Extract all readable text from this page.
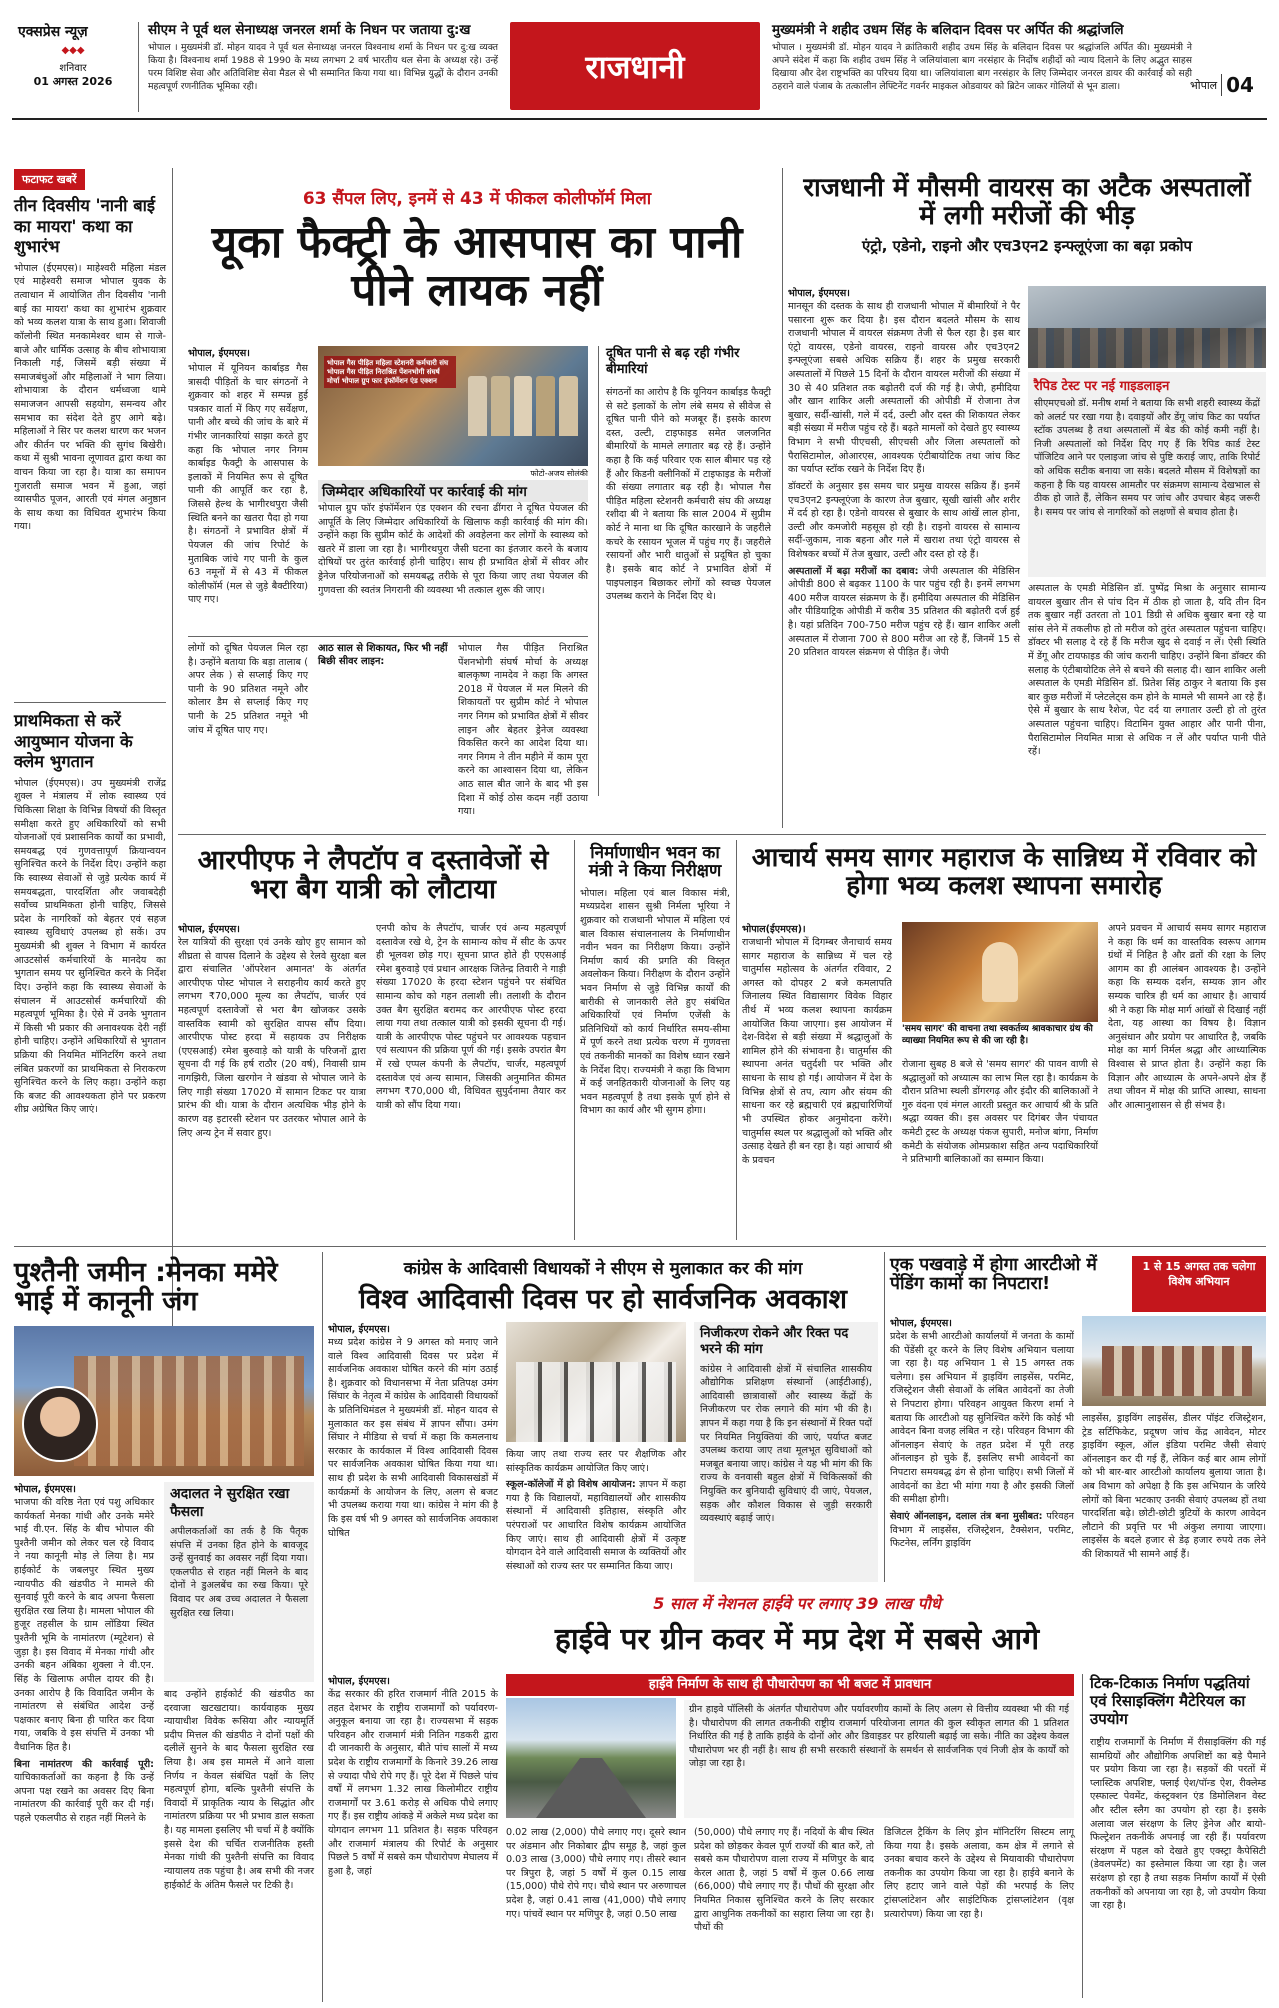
एक्सप्रेस न्यूज़
◆◆◆
शनिवार
01 अगस्त 2026
सीएम ने पूर्व थल सेनाध्यक्ष जनरल शर्मा के निधन पर जताया दु:ख
भोपाल । मुख्यमंत्री डॉ. मोहन यादव ने पूर्व थल सेनाध्यक्ष जनरल विश्वनाथ शर्मा के निधन पर दु:ख व्यक्त किया है। विश्वनाथ शर्मा 1988 से 1990 के मध्य लगभग 2 वर्ष भारतीय थल सेना के अध्यक्ष रहे। उन्हें परम विशिष्ट सेवा और अतिविशिष्ट सेवा मैडल से भी सम्मानित किया गया था। विभिन्न युद्धों के दौरान उनकी महत्वपूर्ण रणनीतिक भूमिका रही।
राजधानी
मुख्यमंत्री ने शहीद उधम सिंह के बलिदान दिवस पर अर्पित की श्रद्धांजलि
भोपाल । मुख्यमंत्री डॉ. मोहन यादव ने क्रांतिकारी शहीद उधम सिंह के बलिदान दिवस पर श्रद्धांजलि अर्पित की। मुख्यमंत्री ने अपने संदेश में कहा कि शहीद उधम सिंह ने जलियांवाला बाग नरसंहार के निर्दोष शहीदों को न्याय दिलाने के लिए अद्भुत साहस दिखाया और देश राष्ट्रभक्ति का परिचय दिया था। जलियांवाला बाग नरसंहार के लिए जिम्मेदार जनरल डायर की कार्रवाई को सही ठहराने वाले पंजाब के तत्कालीन लेफ्टिनेंट गवर्नर माइकल ओडवायर को ब्रिटेन जाकर गोलियों से भून डाला।	भोपाल 04
फटाफट खबरें
तीन दिवसीय 'नानी बाई का मायरा' कथा का शुभारंभ
भोपाल (ईएमएस)। माहेश्वरी महिला मंडल एवं माहेश्वरी समाज भोपाल युवक के तत्वाधान में आयोजित तीन दिवसीय 'नानी बाई का मायरा' कथा का शुभारंभ शुक्रवार को भव्य कलश यात्रा के साथ हुआ। शिवाजी कॉलोनी स्थित मनकामेश्वर धाम से गाजे-बाजे और धार्मिक उत्साह के बीच शोभायात्रा निकाली गई, जिसमें बड़ी संख्या में समाजबंधुओं और महिलाओं ने भाग लिया। शोभायात्रा के दौरान धर्मध्वजा थामे समाजजन आपसी सहयोग, समन्वय और समभाव का संदेश देते हुए आगे बढ़े। महिलाओं ने सिर पर कलश धारण कर भजन और कीर्तन पर भक्ति की सुगंध बिखेरी। कथा में सुश्री भावना लूणावत द्वारा कथा का वाचन किया जा रहा है। यात्रा का समापन गुजराती समाज भवन में हुआ, जहां व्यासपीठ पूजन, आरती एवं मंगल अनुष्ठान के साथ कथा का विधिवत शुभारंभ किया गया।
प्राथमिकता से करें आयुष्मान योजना के क्लेम भुगतान
भोपाल (ईएमएस)। उप मुख्यमंत्री राजेंद्र शुक्ल ने मंत्रालय में लोक स्वास्थ्य एवं चिकित्सा शिक्षा के विभिन्न विषयों की विस्तृत समीक्षा करते हुए अधिकारियों को सभी योजनाओं एवं प्रशासनिक कार्यों का प्रभावी, समयबद्ध एवं गुणवत्तापूर्ण क्रियान्वयन सुनिश्चित करने के निर्देश दिए। उन्होंने कहा कि स्वास्थ्य सेवाओं से जुड़े प्रत्येक कार्य में समयबद्धता, पारदर्शिता और जवाबदेही सर्वोच्च प्राथमिकता होनी चाहिए, जिससे प्रदेश के नागरिकों को बेहतर एवं सहज स्वास्थ्य सुविधाएं उपलब्ध हो सकें। उप मुख्यमंत्री श्री शुक्ल ने विभाग में कार्यरत आउटसोर्स कर्मचारियों के मानदेय का भुगतान समय पर सुनिश्चित करने के निर्देश दिए। उन्होंने कहा कि स्वास्थ्य सेवाओं के संचालन में आउटसोर्स कर्मचारियों की महत्वपूर्ण भूमिका है। ऐसे में उनके भुगतान में किसी भी प्रकार की अनावश्यक देरी नहीं होनी चाहिए। उन्होंने अधिकारियों से भुगतान प्रक्रिया की नियमित मॉनिटरिंग करने तथा लंबित प्रकरणों का प्राथमिकता से निराकरण सुनिश्चित करने के लिए कहा। उन्होंने कहा कि बजट की आवश्यकता होने पर प्रकरण शीघ्र अग्रेषित किए जाएं।
63 सैंपल लिए, इनमें से 43 में फीकल कोलीफॉर्म मिला
यूका फैक्ट्री के आसपास का पानी पीने लायक नहीं
भोपाल, ईएमएस।
भोपाल में यूनियन कार्बाइड गैस त्रासदी पीड़ितों के चार संगठनों ने शुक्रवार को शहर में सम्पन्न हुई पत्रकार वार्ता में किए गए सर्वेक्षण, पानी और बच्चे की जांच के बारे में गंभीर जानकारियां साझा करते हुए कहा कि भोपाल नगर निगम कार्बाइड फैक्ट्री के आसपास के इलाकों में नियमित रूप से दूषित पानी की आपूर्ति कर रहा है, जिससे हेल्थ के भागीरथपुरा जैसी स्थिति बनने का खतरा पैदा हो गया है। संगठनों ने प्रभावित क्षेत्रों में पेयजल की जांच रिपोर्ट के मुताबिक जांचे गए पानी के कुल 63 नमूनों में से 43 में फीकल कोलीफॉर्म (मल से जुड़े बैक्टीरिया) पाए गए।
भोपाल गैस पीड़ित महिला स्टेशनरी कर्मचारी संघ भोपाल गैस पीड़ित निराश्रित पेंशनभोगी संघर्ष मोर्चा भोपाल ग्रुप फार इंफॉर्मेशन एंड एक्शन
फोटो-अजय सोलंकी
जिम्मेदार अधिकारियों पर कार्रवाई की मांग
भोपाल ग्रुप फॉर इंफॉर्मेशन एंड एक्शन की रचना ढींगरा ने दूषित पेयजल की आपूर्ति के लिए जिम्मेदार अधिकारियों के खिलाफ कड़ी कार्रवाई की मांग की। उन्होंने कहा कि सुप्रीम कोर्ट के आदेशों की अवहेलना कर लोगों के स्वास्थ्य को खतरे में डाला जा रहा है। भागीरथपुरा जैसी घटना का इंतजार करने के बजाय दोषियों पर तुरंत कार्रवाई होनी चाहिए। साथ ही प्रभावित क्षेत्रों में सीवर और ड्रेनेज परियोजनाओं को समयबद्ध तरीके से पूरा किया जाए तथा पेयजल की गुणवत्ता की स्वतंत्र निगरानी की व्यवस्था भी तत्काल शुरू की जाए।
लोगों को दूषित पेयजल मिल रहा है। उन्होंने बताया कि बड़ा तालाब ( अपर लेक ) से सप्लाई किए गए पानी के 90 प्रतिशत नमूने और कोलार डैम से सप्लाई किए गए पानी के 25 प्रतिशत नमूने भी जांच में दूषित पाए गए।
आठ साल से शिकायत, फिर भी नहीं बिछी सीवर लाइन:
भोपाल गैस पीड़ित निराश्रित पेंशनभोगी संघर्ष मोर्चा के अध्यक्ष बालकृष्ण नामदेव ने कहा कि अगस्त 2018 में पेयजल में मल मिलने की शिकायतों पर सुप्रीम कोर्ट ने भोपाल नगर निगम को प्रभावित क्षेत्रों में सीवर लाइन और बेहतर ड्रेनेज व्यवस्था विकसित करने का आदेश दिया था। नगर निगम ने तीन महीने में काम पूरा करने का आश्वासन दिया था, लेकिन आठ साल बीत जाने के बाद भी इस दिशा में कोई ठोस कदम नहीं उठाया गया।
दूषित पानी से बढ़ रही गंभीर बीमारियां
संगठनों का आरोप है कि यूनियन कार्बाइड फैक्ट्री से सटे इलाकों के लोग लंबे समय से सीवेज से दूषित पानी पीने को मजबूर हैं। इसके कारण दस्त, उल्टी, टाइफाइड समेत जलजनित बीमारियों के मामले लगातार बढ़ रहे हैं। उन्होंने कहा है कि कई परिवार एक साल बीमार पड़ रहे हैं और किडनी क्लीनिकों में टाइफाइड के मरीजों की संख्या लगातार बढ़ रही है। भोपाल गैस पीड़ित महिला स्टेशनरी कर्मचारी संघ की अध्यक्ष रशीदा बी ने बताया कि साल 2004 में सुप्रीम कोर्ट ने माना था कि दूषित कारखाने के जहरीले कचरे के रसायन भूजल में पहुंच गए हैं। जहरीले रसायनों और भारी धातुओं से प्रदूषित हो चुका है। इसके बाद कोर्ट ने प्रभावित क्षेत्रों में पाइपलाइन बिछाकर लोगों को स्वच्छ पेयजल उपलब्ध कराने के निर्देश दिए थे।
राजधानी में मौसमी वायरस का अटैक अस्पतालों में लगी मरीजों की भीड़
एंट्रो, एडेनो, राइनो और एच3एन2 इन्फ्लूएंजा का बढ़ा प्रकोप
भोपाल, ईएमएस।

मानसून की दस्तक के साथ ही राजधानी भोपाल में बीमारियों ने पैर पसारना शुरू कर दिया है। इस दौरान बदलते मौसम के साथ राजधानी भोपाल में वायरल संक्रमण तेजी से फैल रहा है। इस बार एंट्रो वायरस, एडेनो वायरस, राइनो वायरस और एच3एन2 इन्फ्लूएंजा सबसे अधिक सक्रिय हैं। शहर के प्रमुख सरकारी अस्पतालों में पिछले 15 दिनों के दौरान वायरल मरीजों की संख्या में 30 से 40 प्रतिशत तक बढ़ोतरी दर्ज की गई है। जेपी, हमीदिया और खान शाकिर अली अस्पतालों की ओपीडी में रोजाना तेज बुखार, सर्दी-खांसी, गले में दर्द, उल्टी और दस्त की शिकायत लेकर बड़ी संख्या में मरीज पहुंच रहे हैं। बढ़ते मामलों को देखते हुए स्वास्थ्य विभाग ने सभी पीएचसी, सीएचसी और जिला अस्पतालों को पैरासिटामोल, ओआरएस, आवश्यक एंटीबायोटिक तथा जांच किट का पर्याप्त स्टॉक रखने के निर्देश दिए हैं।

डॉक्टरों के अनुसार इस समय चार प्रमुख वायरस सक्रिय हैं। इनमें एच3एन2 इन्फ्लूएंजा के कारण तेज बुखार, सूखी खांसी और शरीर में दर्द हो रहा है। एडेनो वायरस से बुखार के साथ आंखें लाल होना, उल्टी और कमजोरी महसूस हो रही है। राइनो वायरस से सामान्य सर्दी-जुकाम, नाक बहना और गले में खराश तथा एंट्रो वायरस से विशेषकर बच्चों में तेज बुखार, उल्टी और दस्त हो रहे हैं।

अस्पतालों में बढ़ा मरीजों का दबाव: जेपी अस्पताल की मेडिसिन ओपीडी 800 से बढ़कर 1100 के पार पहुंच रही है। इनमें लगभग 400 मरीज वायरल संक्रमण के हैं। हमीदिया अस्पताल की मेडिसिन और पीडियाट्रिक ओपीडी में करीब 35 प्रतिशत की बढ़ोतरी दर्ज हुई है। यहां प्रतिदिन 700-750 मरीज पहुंच रहे हैं। खान शाकिर अली अस्पताल में रोजाना 700 से 800 मरीज आ रहे हैं, जिनमें 15 से 20 प्रतिशत वायरल संक्रमण से पीड़ित हैं। जेपी

रैपिड टेस्ट पर नई गाइडलाइन
सीएमएचओ डॉ. मनीष शर्मा ने बताया कि सभी शहरी स्वास्थ्य केंद्रों को अलर्ट पर रखा गया है। दवाइयों और डेंगू जांच किट का पर्याप्त स्टॉक उपलब्ध है तथा अस्पतालों में बेड की कोई कमी नहीं है। निजी अस्पतालों को निर्देश दिए गए हैं कि रैपिड कार्ड टेस्ट पॉजिटिव आने पर एलाइजा जांच से पुष्टि कराई जाए, ताकि रिपोर्ट को अधिक सटीक बनाया जा सके। बदलते मौसम में विशेषज्ञों का कहना है कि यह वायरस आमतौर पर संक्रमण सामान्य देखभाल से ठीक हो जाते हैं, लेकिन समय पर जांच और उपचार बेहद जरूरी है। समय पर जांच से नागरिकों को लक्षणों से बचाव होता है।
अस्पताल के एमडी मेडिसिन डॉ. पुष्पेंद्र मिश्रा के अनुसार सामान्य वायरल बुखार तीन से पांच दिन में ठीक हो जाता है, यदि तीन दिन तक बुखार नहीं उतरता तो 101 डिग्री से अधिक बुखार बना रहे या सांस लेने में तकलीफ हो तो मरीज को तुरंत अस्पताल पहुंचना चाहिए। डॉक्टर भी सलाह दे रहे हैं कि मरीज खुद से दवाई न लें। ऐसी स्थिति में डेंगू और टायफाइड की जांच करानी चाहिए। उन्होंने बिना डॉक्टर की सलाह के एंटीबायोटिक लेने से बचने की सलाह दी। खान शाकिर अली अस्पताल के एमडी मेडिसिन डॉ. प्रितेश सिंह ठाकुर ने बताया कि इस बार कुछ मरीजों में प्लेटलेट्स कम होने के मामले भी सामने आ रहे हैं। ऐसे में बुखार के साथ रैशेज, पेट दर्द या लगातार उल्टी हो तो तुरंत अस्पताल पहुंचना चाहिए। विटामिन युक्त आहार और पानी पीना, पैरासिटामोल नियमित मात्रा से अधिक न लें और पर्याप्त पानी पीते रहें।
आरपीएफ ने लैपटॉप व दस्तावेजों से भरा बैग यात्री को लौटाया
भोपाल, ईएमएस।
रेल यात्रियों की सुरक्षा एवं उनके खोए हुए सामान को शीघ्रता से वापस दिलाने के उद्देश्य से रेलवे सुरक्षा बल द्वारा संचालित 'ऑपरेशन अमानत' के अंतर्गत आरपीएफ पोस्ट भोपाल ने सराहनीय कार्य करते हुए लगभग ₹70,000 मूल्य का लैपटॉप, चार्जर एवं महत्वपूर्ण दस्तावेजों से भरा बैग खोजकर उसके वास्तविक स्वामी को सुरक्षित वापस सौंप दिया। आरपीएफ पोस्ट हरदा में सहायक उप निरीक्षक (एएसआई) रमेश बुरुवाड़े को यात्री के परिजनों द्वारा सूचना दी गई कि हर्ष राठौर (20 वर्ष), निवासी ग्राम नागझिरी, जिला खरगोन ने खंडवा से भोपाल जाने के लिए गाड़ी संख्या 17020 में सामान टिकट पर यात्रा प्रारंभ की थी। यात्रा के दौरान अत्यधिक भीड़ होने के कारण वह इटारसी स्टेशन पर उतरकर भोपाल आने के लिए अन्य ट्रेन में सवार हुए।
एनपी कोच के लैपटॉप, चार्जर एवं अन्य महत्वपूर्ण दस्तावेज रखे थे, ट्रेन के सामान्य कोच में सीट के ऊपर ही भूलवश छोड़ गए। सूचना प्राप्त होते ही एएसआई रमेश बुरुवाड़े एवं प्रधान आरक्षक जितेन्द्र तिवारी ने गाड़ी संख्या 17020 के हरदा स्टेशन पहुंचने पर संबंधित सामान्य कोच को गहन तलाशी ली। तलाशी के दौरान उक्त बैग सुरक्षित बरामद कर आरपीएफ पोस्ट हरदा लाया गया तथा तत्काल यात्री को इसकी सूचना दी गई। यात्री के आरपीएफ पोस्ट पहुंचने पर आवश्यक पहचान एवं सत्यापन की प्रक्रिया पूर्ण की गई। इसके उपरांत बैग में रखे एप्पल कंपनी के लैपटॉप, चार्जर, महत्वपूर्ण दस्तावेज एवं अन्य सामान, जिसकी अनुमानित कीमत लगभग ₹70,000 थी, विधिवत सुपुर्दनामा तैयार कर यात्री को सौंप दिया गया।
निर्माणाधीन भवन का मंत्री ने किया निरीक्षण
भोपाल। महिला एवं बाल विकास मंत्री, मध्यप्रदेश शासन सुश्री निर्मला भूरिया ने शुक्रवार को राजधानी भोपाल में महिला एवं बाल विकास संचालनालय के निर्माणाधीन नवीन भवन का निरीक्षण किया। उन्होंने निर्माण कार्य की प्रगति की विस्तृत अवलोकन किया। निरीक्षण के दौरान उन्होंने भवन निर्माण से जुड़े विभिन्न कार्यों की बारीकी से जानकारी लेते हुए संबंधित अधिकारियों एवं निर्माण एजेंसी के प्रतिनिधियों को कार्य निर्धारित समय-सीमा में पूर्ण करने तथा प्रत्येक चरण में गुणवत्ता एवं तकनीकी मानकों का विशेष ध्यान रखने के निर्देश दिए। राज्यमंत्री ने कहा कि विभाग में कई जनहितकारी योजनाओं के लिए यह भवन महत्वपूर्ण है तथा इसके पूर्ण होने से विभाग का कार्य और भी सुगम होगा।
आचार्य समय सागर महाराज के सान्निध्य में रविवार को होगा भव्य कलश स्थापना समारोह
भोपाल(ईएमएस)।
राजधानी भोपाल में दिगम्बर जैनाचार्य समय सागर महाराज के सान्निध्य में चल रहे चातुर्मास महोत्सव के अंतर्गत रविवार, 2 अगस्त को दोपहर 2 बजे कमलापति जिनालय स्थित विद्यासागर विवेक विहार तीर्थ में भव्य कलश स्थापना कार्यक्रम आयोजित किया जाएगा। इस आयोजन में देश-विदेश से बड़ी संख्या में श्रद्धालुओं के शामिल होने की संभावना है। चातुर्मास की स्थापना अनंत चतुर्दशी पर भक्ति और साधना के साथ हो गई। आयोजन में देश के विभिन्न क्षेत्रों से तप, त्याग और संयम की साधना कर रहे ब्रह्मचारी एवं ब्रह्मचारिणियों भी उपस्थित होकर अनुमोदना करेंगे। चातुर्मास स्थल पर श्रद्धालुओं को भक्ति और उत्साह देखते ही बन रहा है। यहां आचार्य श्री के प्रवचन
'समय सागर' की वाचना तथा स्वकर्तव्य श्रावकाचार ग्रंथ की व्याख्या नियमित रूप से की जा रही है।
रोजाना सुबह 8 बजे से 'समय सागर' की पावन वाणी से श्रद्धालुओं को अध्यात्म का लाभ मिल रहा है। कार्यक्रम के दौरान प्रतिभा स्थली डोंगरगढ़ और इंदौर की बालिकाओं ने गुरु वंदना एवं मंगल आरती प्रस्तुत कर आचार्य श्री के प्रति श्रद्धा व्यक्त की। इस अवसर पर दिगंबर जैन पंचायत कमेटी ट्रस्ट के अध्यक्ष पंकज सुपारी, मनोज बांगा, निर्माण कमेटी के संयोजक ओमप्रकाश सहित अन्य पदाधिकारियों ने प्रतिभागी बालिकाओं का सम्मान किया।
अपने प्रवचन में आचार्य समय सागर महाराज ने कहा कि धर्म का वास्तविक स्वरूप आगम ग्रंथों में निहित है और व्रतों की रक्षा के लिए आगम का ही आलंबन आवश्यक है। उन्होंने कहा कि सम्यक दर्शन, सम्यक ज्ञान और सम्यक चारित्र ही धर्म का आधार है। आचार्य श्री ने कहा कि मोक्ष मार्ग आंखों से दिखाई नहीं देता, यह आस्था का विषय है। विज्ञान अनुसंधान और प्रयोग पर आधारित है, जबकि मोक्ष का मार्ग निर्मल श्रद्धा और आध्यात्मिक विश्वास से प्राप्त होता है। उन्होंने कहा कि विज्ञान और आध्यात्म के अपने-अपने क्षेत्र हैं तथा जीवन में मोक्ष की प्राप्ति आस्था, साधना और आत्मानुशासन से ही संभव है।
पुश्तैनी जमीन :मेनका ममेरे भाई में कानूनी जंग
भोपाल, ईएमएस।

भाजपा की वरिष्ठ नेता एवं पशु अधिकार कार्यकर्ता मेनका गांधी और उनके ममेरे भाई वी.एन. सिंह के बीच भोपाल की पुश्तैनी जमीन को लेकर चल रहे विवाद ने नया कानूनी मोड़ ले लिया है। मप्र हाईकोर्ट के जबलपुर स्थित मुख्य न्यायपीठ की खंडपीठ ने मामले की सुनवाई पूरी करने के बाद अपना फैसला सुरक्षित रख लिया है। मामला भोपाल की हुजूर तहसील के ग्राम लोंडिया स्थित पुश्तैनी भूमि के नामांतरण (म्यूटेशन) से जुड़ा है। इस विवाद में मेनका गांधी और उनकी बहन अंबिका शुक्ला ने वी.एन. सिंह के खिलाफ अपील दायर की है। उनका आरोप है कि विवादित जमीन के नामांतरण से संबंधित आदेश उन्हें पक्षकार बनाए बिना ही पारित कर दिया गया, जबकि वे इस संपत्ति में उनका भी वैधानिक हित है।

बिना नामांतरण की कार्रवाई पूरी: याचिकाकर्ताओं का कहना है कि उन्हें अपना पक्ष रखने का अवसर दिए बिना नामांतरण की कार्रवाई पूरी कर दी गई। पहले एकलपीठ से राहत नहीं मिलने के

अदालत ने सुरक्षित रखा फैसला
अपीलकर्ताओं का तर्क है कि पैतृक संपत्ति में उनका हित होने के बावजूद उन्हें सुनवाई का अवसर नहीं दिया गया। एकलपीठ से राहत नहीं मिलने के बाद दोनों ने डुअलबेंच का रुख किया। पूरे विवाद पर अब उच्च अदालत ने फैसला सुरक्षित रख लिया।
बाद उन्होंने हाईकोर्ट की खंडपीठ का दरवाजा खटखटाया। कार्यवाहक मुख्य न्यायाधीश विवेक रूसिया और न्यायमूर्ति प्रदीप मित्तल की खंडपीठ ने दोनों पक्षों की दलीलें सुनने के बाद फैसला सुरक्षित रख लिया है। अब इस मामले में आने वाला निर्णय न केवल संबंधित पक्षों के लिए महत्वपूर्ण होगा, बल्कि पुश्तैनी संपत्ति के विवादों में प्राकृतिक न्याय के सिद्धांत और नामांतरण प्रक्रिया पर भी प्रभाव डाल सकता है। यह मामला इसलिए भी चर्चा में है क्योंकि इससे देश की चर्चित राजनीतिक हस्ती मेनका गांधी की पुश्तैनी संपत्ति का विवाद न्यायालय तक पहुंचा है। अब सभी की नजर हाईकोर्ट के अंतिम फैसले पर टिकी है।
कांग्रेस के आदिवासी विधायकों ने सीएम से मुलाकात कर की मांग
विश्व आदिवासी दिवस पर हो सार्वजनिक अवकाश
भोपाल, ईएमएस।
मध्य प्रदेश कांग्रेस ने 9 अगस्त को मनाए जाने वाले विश्व आदिवासी दिवस पर प्रदेश में सार्वजनिक अवकाश घोषित करने की मांग उठाई है। शुक्रवार को विधानसभा में नेता प्रतिपक्ष उमंग सिंघार के नेतृत्व में कांग्रेस के आदिवासी विधायकों के प्रतिनिधिमंडल ने मुख्यमंत्री डॉ. मोहन यादव से मुलाकात कर इस संबंध में ज्ञापन सौंपा। उमंग सिंघार ने मीडिया से चर्चा में कहा कि कमलनाथ सरकार के कार्यकाल में विश्व आदिवासी दिवस पर सार्वजनिक अवकाश घोषित किया गया था। साथ ही प्रदेश के सभी आदिवासी विकासखंडों में कार्यक्रमों के आयोजन के लिए, अलग से बजट भी उपलब्ध कराया गया था। कांग्रेस ने मांग की है कि इस वर्ष भी 9 अगस्त को सार्वजनिक अवकाश घोषित

किया जाए तथा राज्य स्तर पर शैक्षणिक और सांस्कृतिक कार्यक्रम आयोजित किए जाएं।

स्कूल-कॉलेजों में हो विशेष आयोजन: ज्ञापन में कहा गया है कि विद्यालयों, महाविद्यालयों और शासकीय संस्थानों में आदिवासी इतिहास, संस्कृति और परंपराओं पर आधारित विशेष कार्यक्रम आयोजित किए जाएं। साथ ही आदिवासी क्षेत्रों में उत्कृष्ट योगदान देने वाले आदिवासी समाज के व्यक्तियों और संस्थाओं को राज्य स्तर पर सम्मानित किया जाए।

निजीकरण रोकने और रिक्त पद भरने की मांग
कांग्रेस ने आदिवासी क्षेत्रों में संचालित शासकीय औद्योगिक प्रशिक्षण संस्थानों (आईटीआई), आदिवासी छात्रावासों और स्वास्थ्य केंद्रों के निजीकरण पर रोक लगाने की मांग भी की है। ज्ञापन में कहा गया है कि इन संस्थानों में रिक्त पदों पर नियमित नियुक्तियां की जाएं, पर्याप्त बजट उपलब्ध कराया जाए तथा मूलभूत सुविधाओं को मजबूत बनाया जाए। कांग्रेस ने यह भी मांग की कि राज्य के वनवासी बहुल क्षेत्रों में चिकित्सकों की नियुक्ति कर बुनियादी सुविधाएं दी जाएं, पेयजल, सड़क और कौशल विकास से जुड़ी सरकारी व्यवस्थाएं बढ़ाई जाएं।
एक पखवाड़े में होगा आरटीओ में पेंडिंग कामों का निपटारा!
1 से 15 अगस्त तक चलेगा विशेष अभियान
भोपाल, ईएमएस।

प्रदेश के सभी आरटीओ कार्यालयों में जनता के कामों की पेंडेंसी दूर करने के लिए विशेष अभियान चलाया जा रहा है। यह अभियान 1 से 15 अगस्त तक चलेगा। इस अभियान में ड्राइविंग लाइसेंस, परमिट, रजिस्ट्रेशन जैसी सेवाओं के लंबित आवेदनों का तेजी से निपटारा होगा। परिवहन आयुक्त किरण शर्मा ने बताया कि आरटीओ यह सुनिश्चित करेंगे कि कोई भी आवेदन बिना वजह लंबित न रहे। परिवहन विभाग की ऑनलाइन सेवाएं के तहत प्रदेश में पूरी तरह ऑनलाइन हो चुके हैं, इसलिए सभी आवेदनों का निपटारा समयबद्ध ढंग से होना चाहिए। सभी जिलों में आवेदनों का डेटा भी मांगा गया है और इसकी जिलों की समीक्षा होगी।

सेवाएं ऑनलाइन, दलाल तंत्र बना मुसीबत: परिवहन विभाग में लाइसेंस, रजिस्ट्रेशन, टैक्सेशन, परमिट, फिटनेस, लर्निंग ड्राइविंग

लाइसेंस, ड्राइविंग लाइसेंस, डीलर पॉइंट रजिस्ट्रेशन, ट्रेड सर्टिफिकेट, प्रदूषण जांच केंद्र आवेदन, मोटर ड्राइविंग स्कूल, ऑल इंडिया परमिट जैसी सेवाएं ऑनलाइन कर दी गई हैं, लेकिन कई बार आम लोगों को भी बार-बार आरटीओ कार्यालय बुलाया जाता है। अब विभाग को अपेक्षा है कि इस अभियान के जरिये लोगों को बिना भटकाए उनकी सेवाएं उपलब्ध हों तथा पारदर्शिता बढ़े। छोटी-छोटी त्रुटियों के कारण आवेदन लौटाने की प्रवृत्ति पर भी अंकुश लगाया जाएगा। लाइसेंस के बदले हजार से डेढ़ हजार रुपये तक लेने की शिकायतें भी सामने आई हैं।
5 साल में नेशनल हाईवे पर लगाए 39 लाख पौधे
हाईवे पर ग्रीन कवर में मप्र देश में सबसे आगे
भोपाल, ईएमएस।
केंद्र सरकार की हरित राजमार्ग नीति 2015 के तहत देशभर के राष्ट्रीय राजमार्गों को पर्यावरण-अनुकूल बनाया जा रहा है। राज्यसभा में सड़क परिवहन और राजमार्ग मंत्री नितिन गडकरी द्वारा दी जानकारी के अनुसार, बीते पांच सालों में मध्य प्रदेश के राष्ट्रीय राजमार्गों के किनारे 39.26 लाख से ज्यादा पौधे रोपे गए हैं। पूरे देश में पिछले पांच वर्षों में लगभग 1.32 लाख किलोमीटर राष्ट्रीय राजमार्गों पर 3.61 करोड़ से अधिक पौधे लगाए गए हैं। इस राष्ट्रीय आंकड़े में अकेले मध्य प्रदेश का योगदान लगभग 11 प्रतिशत है। सड़क परिवहन और राजमार्ग मंत्रालय की रिपोर्ट के अनुसार पिछले 5 वर्षों में सबसे कम पौधारोपण मेघालय में हुआ है, जहां
हाईवे निर्माण के साथ ही पौधारोपण का भी बजट में प्रावधान
ग्रीन हाइवे पॉलिसी के अंतर्गत पौधारोपण और पर्यावरणीय कामों के लिए अलग से वित्तीय व्यवस्था भी की गई है। पौधारोपण की लागत तकनीकी राष्ट्रीय राजमार्ग परियोजना लागत की कुल स्वीकृत लागत की 1 प्रतिशत निर्धारित की गई है ताकि हाईवे के दोनों ओर और डिवाइडर पर हरियाली बढ़ाई जा सके। नीति का उद्देश्य केवल पौधारोपण भर ही नहीं है। साथ ही सभी सरकारी संस्थानों के समर्थन से सार्वजनिक एवं निजी क्षेत्र के कार्यों को जोड़ा जा रहा है।
0.02 लाख (2,000) पौधे लगाए गए। दूसरे स्थान पर अंडमान और निकोबार द्वीप समूह है, जहां कुल 0.03 लाख (3,000) पौधे लगाए गए। तीसरे स्थान पर त्रिपुरा है, जहां 5 वर्षों में कुल 0.15 लाख (15,000) पौधे रोपे गए। चौथे स्थान पर अरुणाचल प्रदेश है, जहां 0.41 लाख (41,000) पौधे लगाए गए। पांचवें स्थान पर मणिपुर है, जहां 0.50 लाख
(50,000) पौधे लगाए गए हैं। नदियों के बीच स्थित प्रदेश को छोड़कर केवल पूर्ण राज्यों की बात करें, तो सबसे कम पौधारोपण वाला राज्य में मणिपुर के बाद केरल आता है, जहां 5 वर्षों में कुल 0.66 लाख (66,000) पौधे लगाए गए हैं। पौधों की सुरक्षा और नियमित निकास सुनिश्चित करने के लिए सरकार द्वारा आधुनिक तकनीकों का सहारा लिया जा रहा है। पौधों की
डिजिटल ट्रैकिंग के लिए ड्रोन मॉनिटरिंग सिस्टम लागू किया गया है। इसके अलावा, कम क्षेत्र में लगाने से उनका बचाव करने के उद्देश्य से मियावाकी पौधारोपण तकनीक का उपयोग किया जा रहा है। हाईवे बनाने के लिए हटाए जाने वाले पेड़ों की भरपाई के लिए ट्रांसप्लांटेशन और साइंटिफिक ट्रांसप्लांटेशन (वृक्ष प्रत्यारोपण) किया जा रहा है।
टिक-टिकाऊ निर्माण पद्धतियां एवं रिसाइक्लिंग मैटेरियल का उपयोग
राष्ट्रीय राजमार्गों के निर्माण में रीसाइक्लिंग की गई सामग्रियों और औद्योगिक अपशिष्टों का बड़े पैमाने पर प्रयोग किया जा रहा है। सड़कों की परतों में प्लास्टिक अपशिष्ट, फ्लाई ऐश/पॉन्ड ऐश, रीक्लेम्ड एस्फाल्ट पेवमेंट, कंस्ट्रक्शन एंड डिमोलिशन वेस्ट और स्टील स्लैग का उपयोग हो रहा है। इसके अलावा जल संरक्षण के लिए ड्रेनेज और बायो-फिल्ट्रेशन तकनीकें अपनाई जा रही हैं। पर्यावरण संरक्षण में पहल को देखते हुए एक्स्ट्रा कैपेसिटी (डेवलपमेंट) का इस्तेमाल किया जा रहा है। जल सरंक्षण हो रहा है तथा सड़क निर्माण कार्यों में ऐसी तकनीकों को अपनाया जा रहा है, जो उपयोग किया जा रहा है।
